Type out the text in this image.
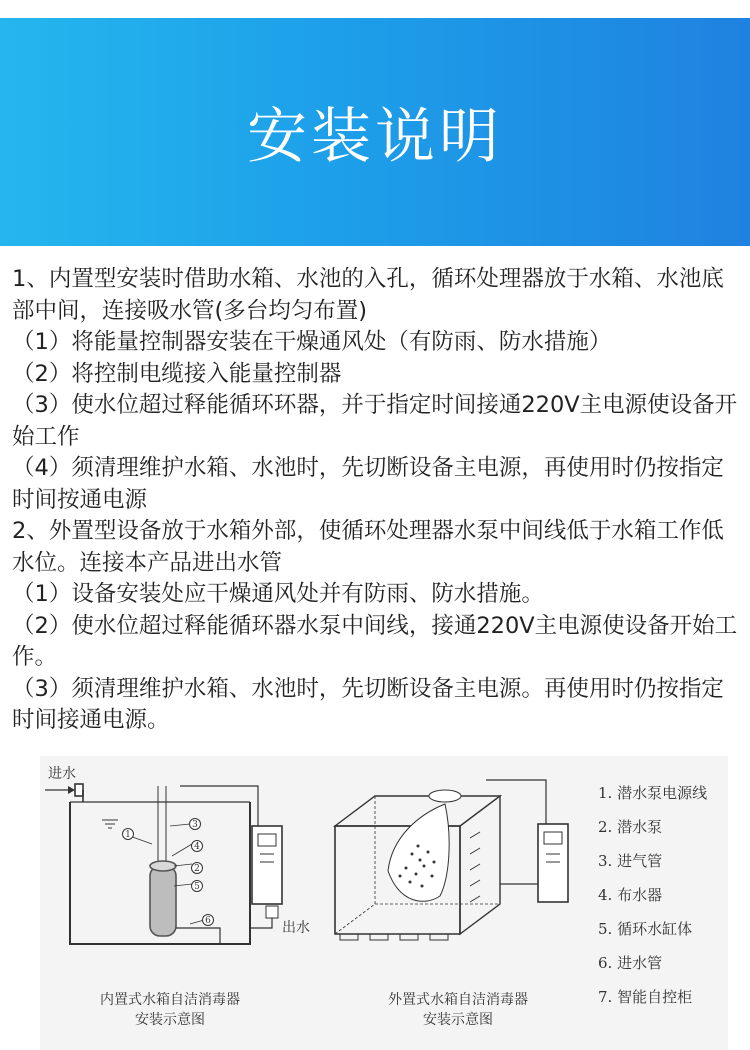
安装说明

1、内置型安装时借助水箱、水池的入孔，循环处理器放于水箱、水池底部中间，连接吸水管(多台均匀布置)

（1）将能量控制器安装在干燥通风处（有防雨、防水措施）

（2）将控制电缆接入能量控制器

（3）使水位超过释能循环环器，并于指定时间接通220V主电源使设备开始工作

（4）须清理维护水箱、水池时，先切断设备主电源，再使用时仍按指定时间按通电源

2、外置型设备放于水箱外部，使循环处理器水泵中间线低于水箱工作低水位。连接本产品进出水管

（1）设备安装处应干燥通风处并有防雨、防水措施。

（2）使水位超过释能循环器水泵中间线，接通220V主电源使设备开始工作。

（3）须清理维护水箱、水池时，先切断设备主电源。再使用时仍按指定时间接通电源。

1
2
3
4
5
6
进水
出水
内置式水箱自洁消毒器
安装示意图
外置式水箱自洁消毒器
安装示意图
1. 潜水泵电源线
2. 潜水泵
3. 进气管
4. 布水器
5. 循环水缸体
6. 进水管
7. 智能自控柜
